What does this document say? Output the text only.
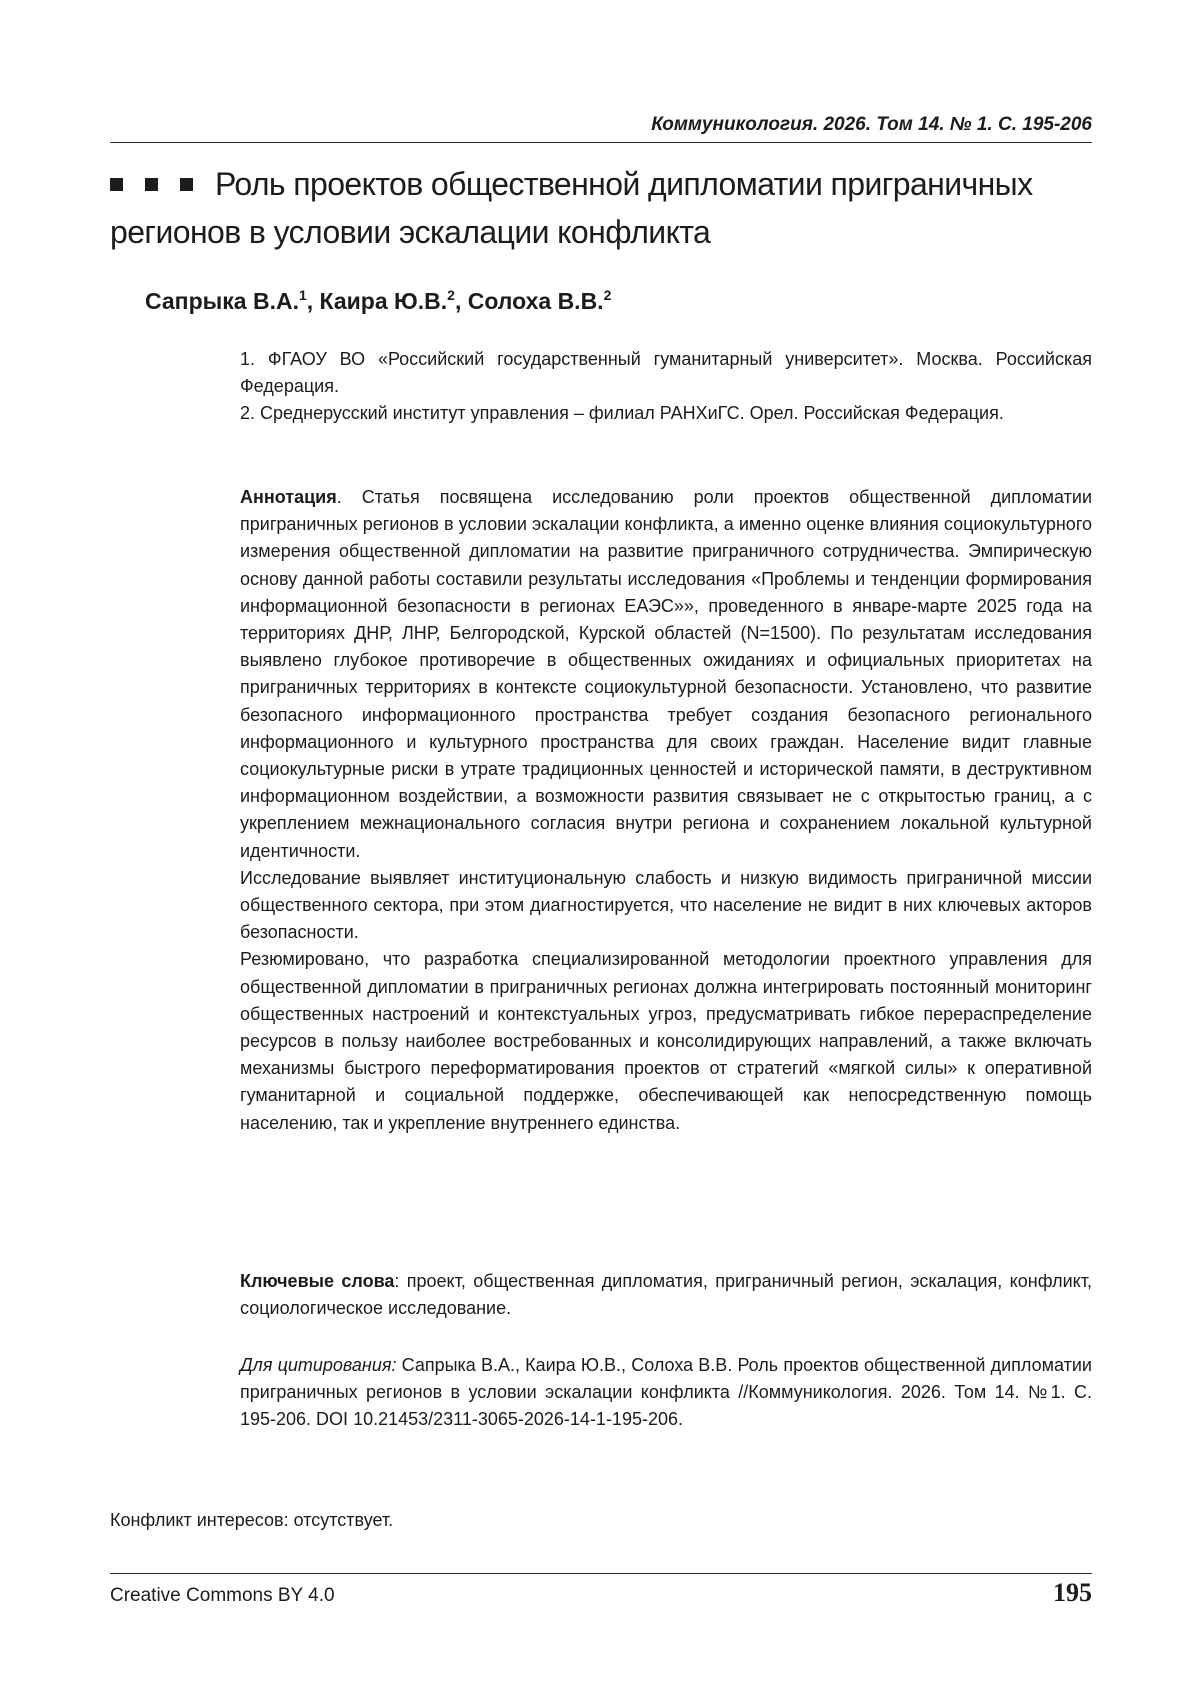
Коммуникология. 2026. Том 14. № 1. С. 195-206
Роль проектов общественной дипломатии приграничных регионов в условии эскалации конфликта
Сапрыка В.А.$^1$, Каира Ю.В.$^2$, Солоха В.В.$^2$

1. ФГАОУ ВО «Российский государственный гуманитарный университет». Москва. Российская Федерация.

2. Среднерусский институт управления – филиал РАНХиГС. Орел. Российская Федерация.

Аннотация. Статья посвящена исследованию роли проектов общественной дипломатии приграничных регионов в условии эскалации конфликта, а именно оценке влияния социокультурного измерения общественной дипломатии на развитие приграничного сотрудничества. Эмпирическую основу данной работы составили результаты исследования «Проблемы и тенденции формирования информационной безопасности в регионах ЕАЭС»», проведенного в январе-марте 2025 года на территориях ДНР, ЛНР, Белгородской, Курской областей (N=1500). По результатам исследования выявлено глубокое противоречие в общественных ожиданиях и официальных приоритетах на приграничных территориях в контексте социокультурной безопасности. Установлено, что развитие безопасного информационного пространства требует создания безопасного регионального информационного и культурного пространства для своих граждан. Население видит главные социокультурные риски в утрате традиционных ценностей и исторической памяти, в деструктивном информационном воздействии, а возможности развития связывает не с открытостью границ, а с укреплением межнационального согласия внутри региона и сохранением локальной культурной идентичности.

Исследование выявляет институциональную слабость и низкую видимость приграничной миссии общественного сектора, при этом диагностируется, что население не видит в них ключевых акторов безопасности.

Резюмировано, что разработка специализированной методологии проектного управления для общественной дипломатии в приграничных регионах должна интегрировать постоянный мониторинг общественных настроений и контекстуальных угроз, предусматривать гибкое перераспределение ресурсов в пользу наиболее востребованных и консолидирующих направлений, а также включать механизмы быстрого переформатирования проектов от стратегий «мягкой силы» к оперативной гуманитарной и социальной поддержке, обеспечивающей как непосредственную помощь населению, так и укрепление внутреннего единства.

Ключевые слова: проект, общественная дипломатия, приграничный регион, эскалация, конфликт, социологическое исследование.

Для цитирования: Сапрыка В.А., Каира Ю.В., Солоха В.В. Роль проектов общественной дипломатии приграничных регионов в условии эскалации конфликта //Коммуникология. 2026. Том 14. №1. С. 195-206. DOI 10.21453/2311-3065-2026-14-1-195-206.

Конфликт интересов: отсутствует.
Creative Commons BY 4.0	195
